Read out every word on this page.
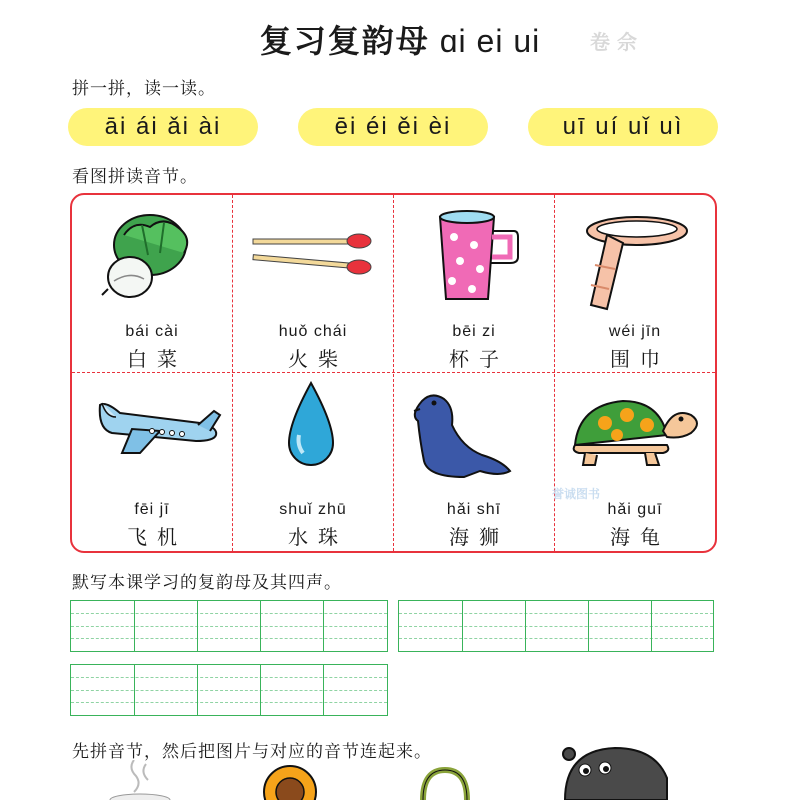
复习复韵母 ɑi ei ui	卷 佘
拼一拼，读一读。
āi ái ǎi ài	ēi éi ěi èi	uī uí uǐ uì
看图拼读音节。
bái cài
白菜
huǒ chái
火柴
bēi zi
杯子
wéi jīn
围巾
fēi jī
飞机
shuǐ zhū
水珠
hǎi shī
海狮
hǎi guī
海龟
誉诚图书
默写本课学习的复韵母及其四声。
先拼音节，然后把图片与对应的音节连起来。
